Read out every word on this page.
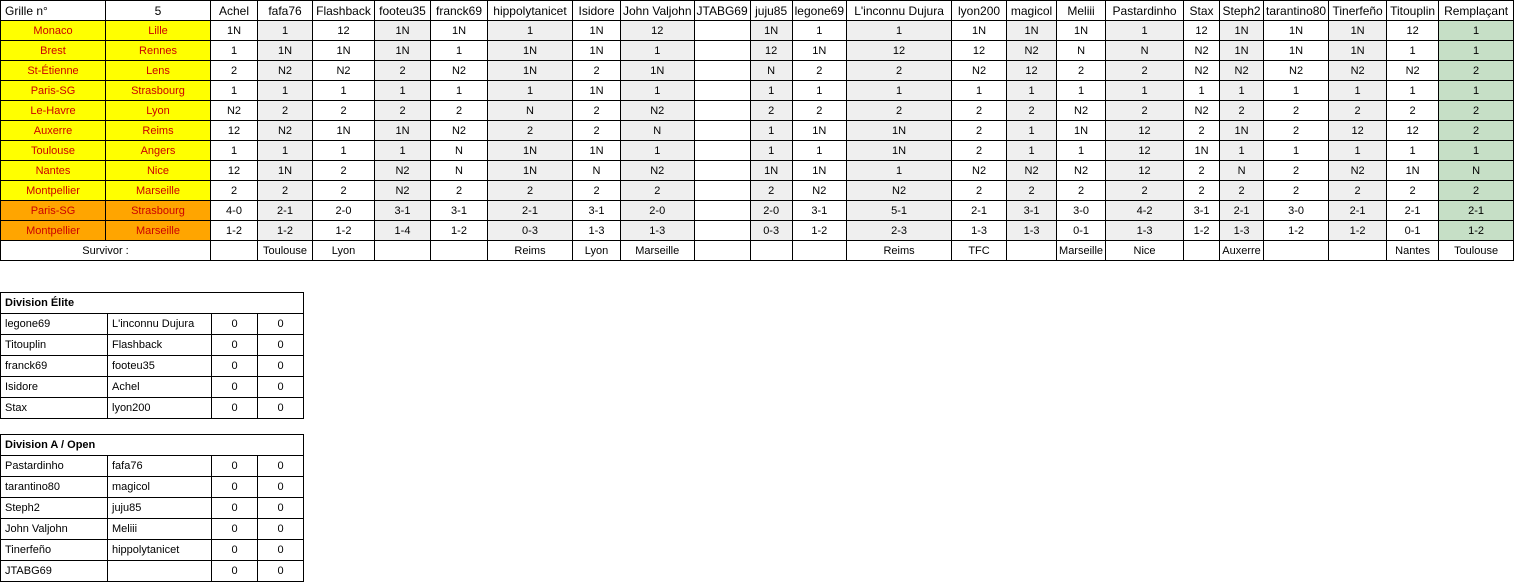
Grille n°	5	Achel	fafa76	Flashback	footeu35	franck69	hippolytanicet	Isidore	John Valjohn	JTABG69	juju85	legone69	L'inconnu Dujura	lyon200	magicol	Meliii	Pastardinho	Stax	Steph2	tarantino80	Tinerfeño	Titouplin	Remplaçant
Monaco	Lille	1N	1	12	1N	1N	1	1N	12		1N	1	1	1N	1N	1N	1	12	1N	1N	1N	12	1
Brest	Rennes	1	1N	1N	1N	1	1N	1N	1		12	1N	12	12	N2	N	N	N2	1N	1N	1N	1	1
St-Étienne	Lens	2	N2	N2	2	N2	1N	2	1N		N	2	2	N2	12	2	2	N2	N2	N2	N2	N2	2
Paris-SG	Strasbourg	1	1	1	1	1	1	1N	1		1	1	1	1	1	1	1	1	1	1	1	1	1
Le-Havre	Lyon	N2	2	2	2	2	N	2	N2		2	2	2	2	2	N2	2	N2	2	2	2	2	2
Auxerre	Reims	12	N2	1N	1N	N2	2	2	N		1	1N	1N	2	1	1N	12	2	1N	2	12	12	2
Toulouse	Angers	1	1	1	1	N	1N	1N	1		1	1	1N	2	1	1	12	1N	1	1	1	1	1
Nantes	Nice	12	1N	2	N2	N	1N	N	N2		1N	1N	1	N2	N2	N2	12	2	N	2	N2	1N	N
Montpellier	Marseille	2	2	2	N2	2	2	2	2		2	N2	N2	2	2	2	2	2	2	2	2	2	2
Paris-SG	Strasbourg	4-0	2-1	2-0	3-1	3-1	2-1	3-1	2-0		2-0	3-1	5-1	2-1	3-1	3-0	4-2	3-1	2-1	3-0	2-1	2-1	2-1
Montpellier	Marseille	1-2	1-2	1-2	1-4	1-2	0-3	1-3	1-3		0-3	1-2	2-3	1-3	1-3	0-1	1-3	1-2	1-3	1-2	1-2	0-1	1-2
Survivor :			Toulouse	Lyon			Reims	Lyon	Marseille				Reims	TFC		Marseille	Nice		Auxerre			Nantes	Toulouse
Division Élite			
legone69	L'inconnu Dujura	0	0
Titouplin	Flashback	0	0
franck69	footeu35	0	0
Isidore	Achel	0	0
Stax	lyon200	0	0
Division A / Open			
Pastardinho	fafa76	0	0
tarantino80	magicol	0	0
Steph2	juju85	0	0
John Valjohn	Meliii	0	0
Tinerfeño	hippolytanicet	0	0
JTABG69		0	0
